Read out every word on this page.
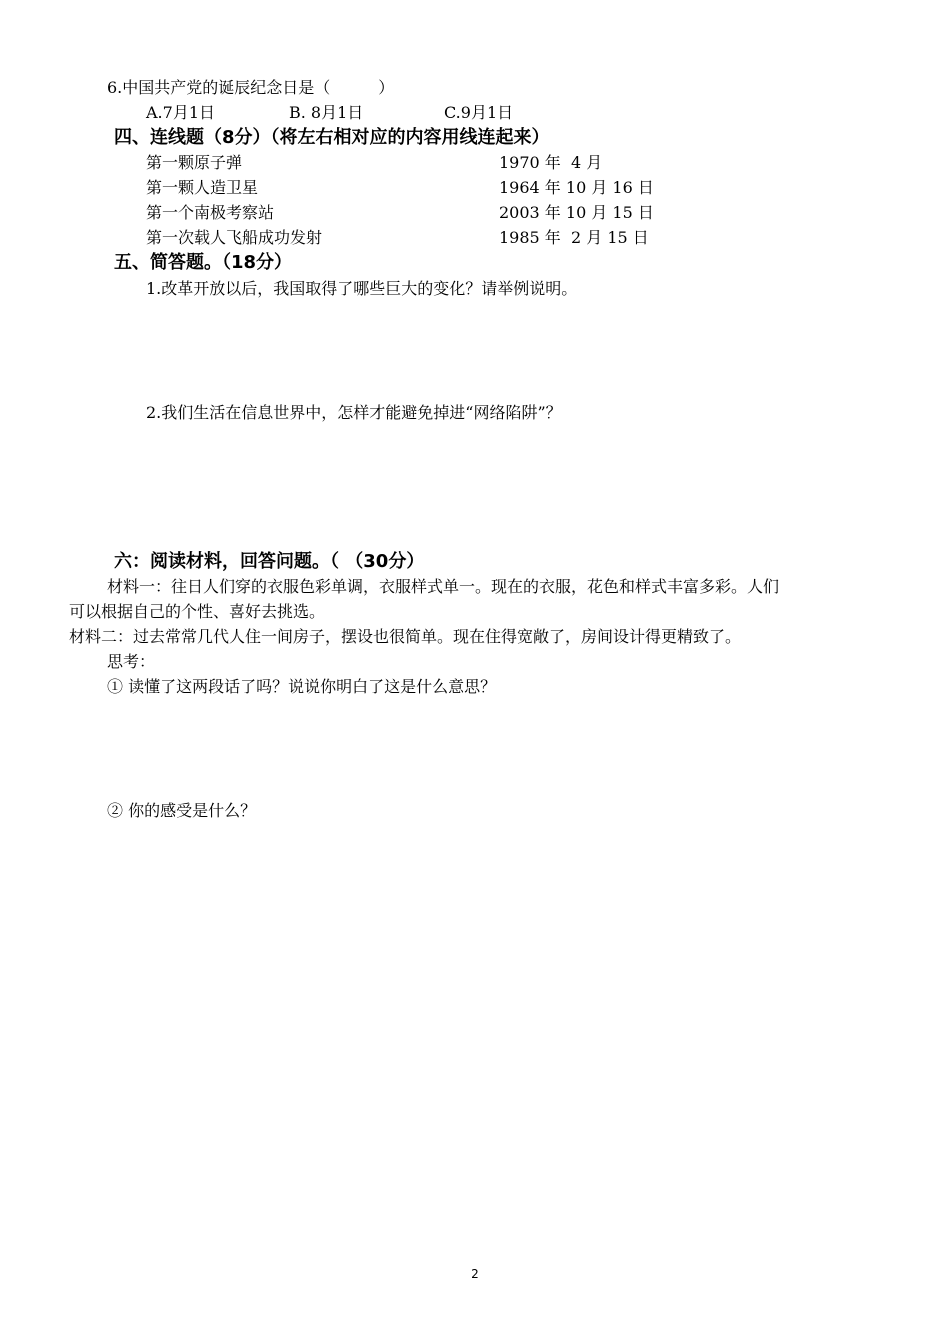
6.中国共产党的诞辰纪念日是（　　　）
A.7月1日	B. 8月1日	C.9月1日
四、连线题（8分）（将左右相对应的内容用线连起来）
第一颗原子弹
第一颗人造卫星
第一个南极考察站
第一次载人飞船成功发射
1970 年  4 月
1964 年 10 月 16 日
2003 年 10 月 15 日
1985 年  2 月 15 日
五、简答题。（18分）
1.改革开放以后，我国取得了哪些巨大的变化？请举例说明。
2.我们生活在信息世界中，怎样才能避免掉进“网络陷阱”？
六：阅读材料，回答问题。（ （30分）
材料一：往日人们穿的衣服色彩单调，衣服样式单一。现在的衣服，花色和样式丰富多彩。人们
可以根据自己的个性、喜好去挑选。
材料二：过去常常几代人住一间房子，摆设也很简单。现在住得宽敞了，房间设计得更精致了。
思考：
① 读懂了这两段话了吗？说说你明白了这是什么意思？
② 你的感受是什么？
2
